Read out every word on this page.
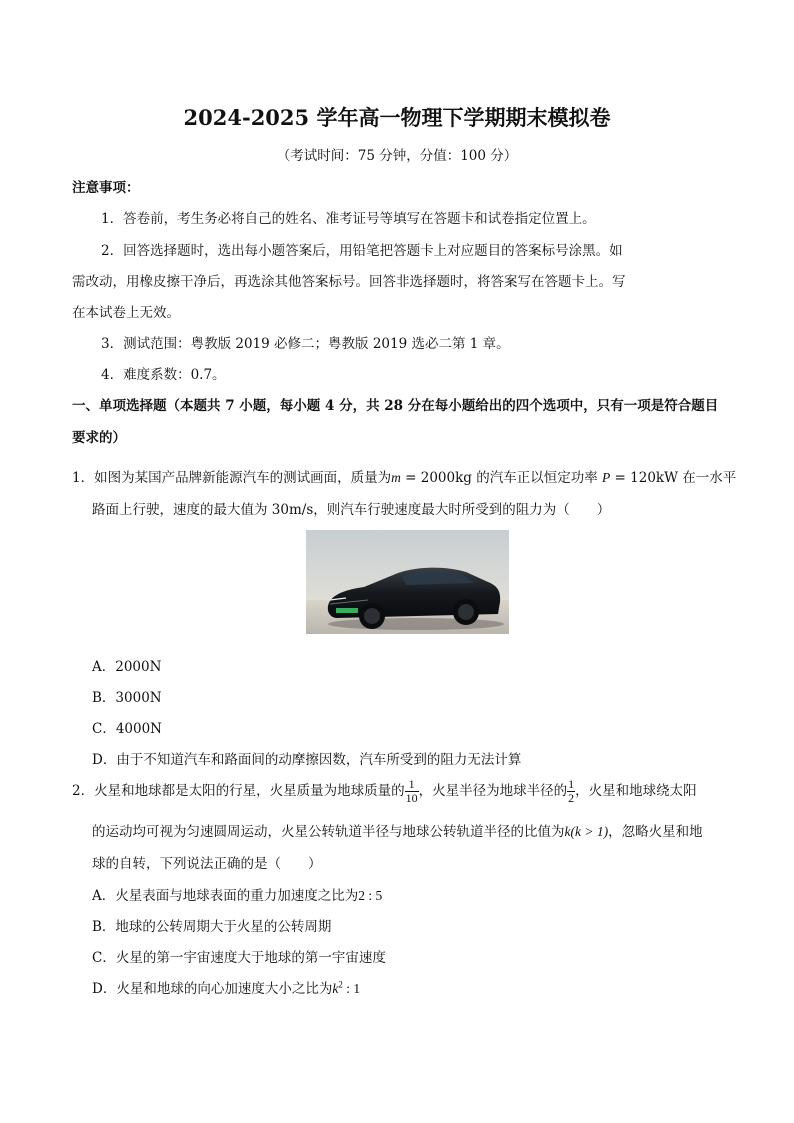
2024-2025 学年高一物理下学期期末模拟卷
（考试时间：75 分钟，分值：100 分）
注意事项：
1．答卷前，考生务必将自己的姓名、准考证号等填写在答题卡和试卷指定位置上。
2．回答选择题时，选出每小题答案后，用铅笔把答题卡上对应题目的答案标号涂黑。如
需改动，用橡皮擦干净后，再选涂其他答案标号。回答非选择题时，将答案写在答题卡上。写
在本试卷上无效。
3．测试范围：粤教版 2019 必修二；粤教版 2019 选必二第 1 章。
4．难度系数：0.7。
一、单项选择题（本题共 7 小题，每小题 4 分，共 28 分在每小题给出的四个选项中，只有一项是符合题目
要求的）
1．如图为某国产品牌新能源汽车的测试画面，质量为m = 2000kg 的汽车正以恒定功率 P = 120kW 在一水平
路面上行驶，速度的最大值为 30m/s，则汽车行驶速度最大时所受到的阻力为（　　）
A．2000N
B．3000N
C．4000N
D．由于不知道汽车和路面间的动摩擦因数，汽车所受到的阻力无法计算
2．火星和地球都是太阳的行星，火星质量为地球质量的 $\frac{1}{10}$ ，火星半径为地球半径的 $\frac{1}{2}$ ，火星和地球绕太阳
的运动均可视为匀速圆周运动，火星公转轨道半径与地球公转轨道半径的比值为k(k > 1)，忽略火星和地
球的自转，下列说法正确的是（　　）
A．火星表面与地球表面的重力加速度之比为2 : 5
B．地球的公转周期大于火星的公转周期
C．火星的第一宇宙速度大于地球的第一宇宙速度
D．火星和地球的向心加速度大小之比为$k^2$ : 1
